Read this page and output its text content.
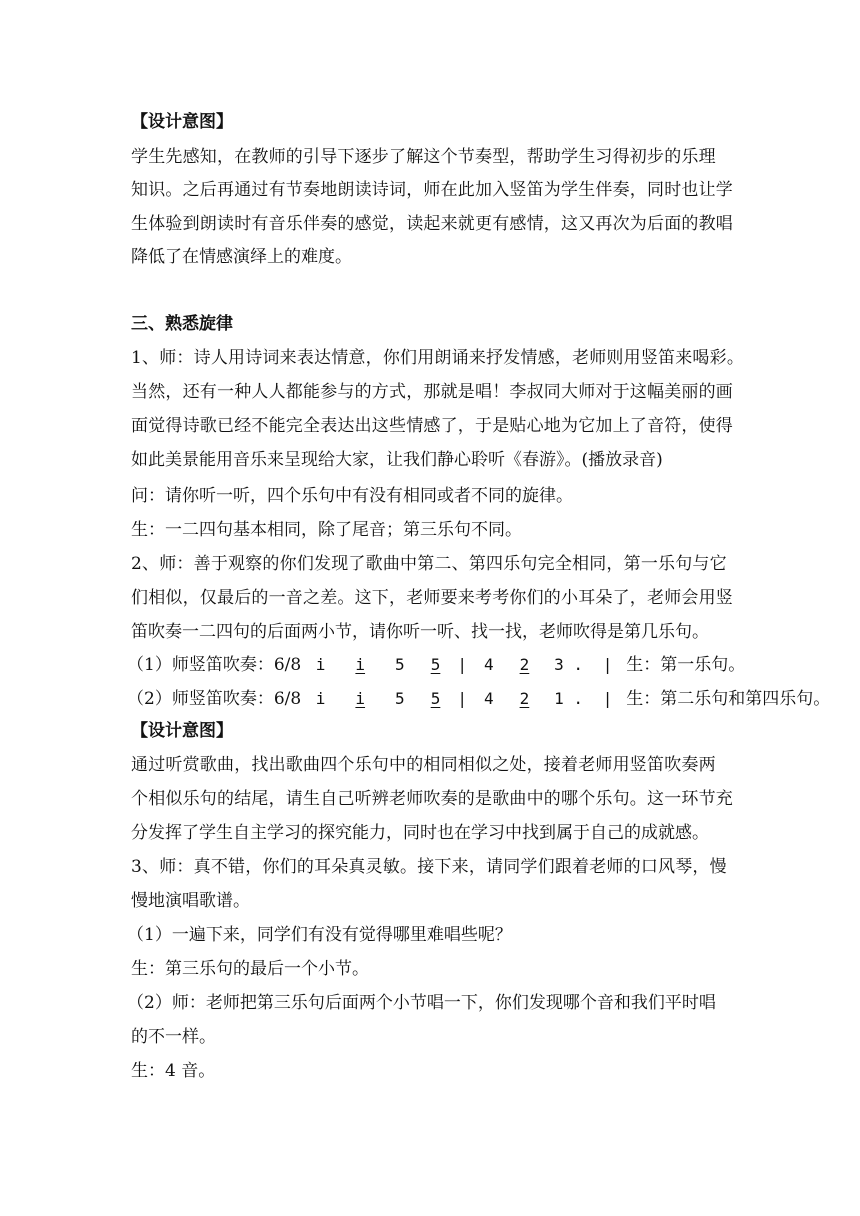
【设计意图】
学生先感知，在教师的引导下逐步了解这个节奏型，帮助学生习得初步的乐理
知识。之后再通过有节奏地朗读诗词，师在此加入竖笛为学生伴奏，同时也让学
生体验到朗读时有音乐伴奏的感觉，读起来就更有感情，这又再次为后面的教唱
降低了在情感演绎上的难度。
三、熟悉旋律
1、师：诗人用诗词来表达情意，你们用朗诵来抒发情感，老师则用竖笛来喝彩。
当然，还有一种人人都能参与的方式，那就是唱！李叔同大师对于这幅美丽的画
面觉得诗歌已经不能完全表达出这些情感了，于是贴心地为它加上了音符，使得
如此美景能用音乐来呈现给大家，让我们静心聆听《春游》。(播放录音)
问：请你听一听，四个乐句中有没有相同或者不同的旋律。
生：一二四句基本相同，除了尾音；第三乐句不同。
2、师：善于观察的你们发现了歌曲中第二、第四乐句完全相同，第一乐句与它
们相似，仅最后的一音之差。这下，老师要来考考你们的小耳朵了，老师会用竖
笛吹奏一二四句的后面两小节，请你听一听、找一找，老师吹得是第几乐句。
（1）师竖笛吹奏：6/8 i i 5 5 | 4 2 3 . | 生：第一乐句。
（2）师竖笛吹奏：6/8 i i 5 5 | 4 2 1 . | 生：第二乐句和第四乐句。
【设计意图】
通过听赏歌曲，找出歌曲四个乐句中的相同相似之处，接着老师用竖笛吹奏两
个相似乐句的结尾，请生自己听辨老师吹奏的是歌曲中的哪个乐句。这一环节充
分发挥了学生自主学习的探究能力，同时也在学习中找到属于自己的成就感。
3、师：真不错，你们的耳朵真灵敏。接下来，请同学们跟着老师的口风琴，慢
慢地演唱歌谱。
（1）一遍下来，同学们有没有觉得哪里难唱些呢？
生：第三乐句的最后一个小节。
（2）师：老师把第三乐句后面两个小节唱一下，你们发现哪个音和我们平时唱
的不一样。
生：4 音。
